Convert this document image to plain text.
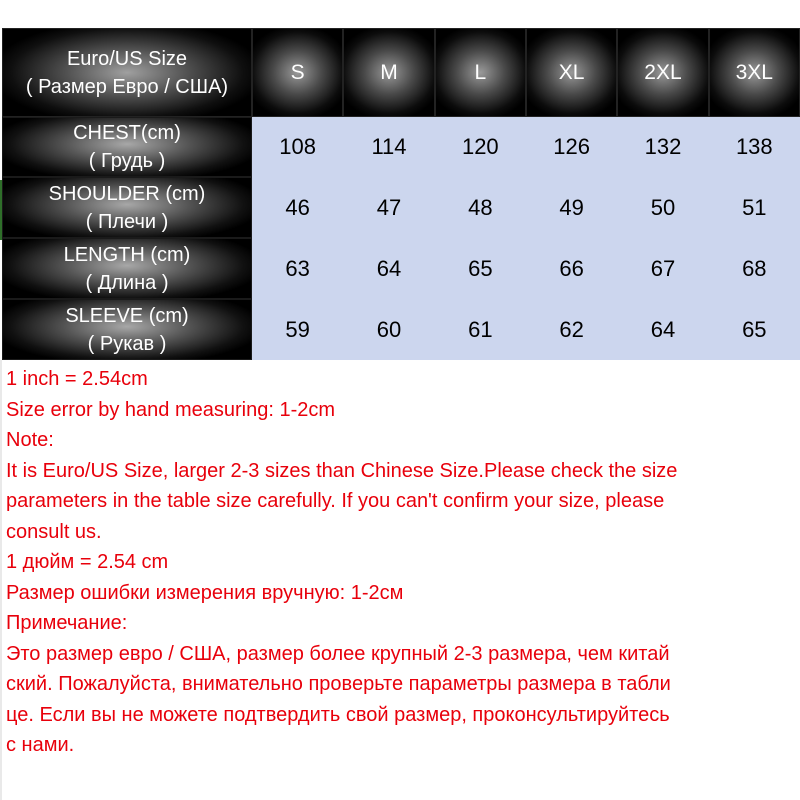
Euro/US Size
( Размер Евро / США)
S	M	L	XL	2XL	3XL
CHEST(cm)
( Грудь )
108	114	120	126	132	138
SHOULDER (cm)
( Плечи )
46	47	48	49	50	51
LENGTH (cm)
( Длина )
63	64	65	66	67	68
SLEEVE (cm)
( Рукав )
59	60	61	62	64	65
1 inch = 2.54cm
Size error by hand measuring: 1-2cm
Note:
It is Euro/US Size, larger 2-3 sizes than Chinese Size.Please check the size
parameters in the table size carefully. If you can't confirm your size, please
consult us.
1 дюйм = 2.54 cm
Размер ошибки измерения вручную: 1-2см
Примечание:
Это размер евро / США, размер более крупный 2-3 размера, чем китай
ский. Пожалуйста, внимательно проверьте параметры размера в табли
це. Если вы не можете подтвердить свой размер, проконсультируйтесь
с нами.
